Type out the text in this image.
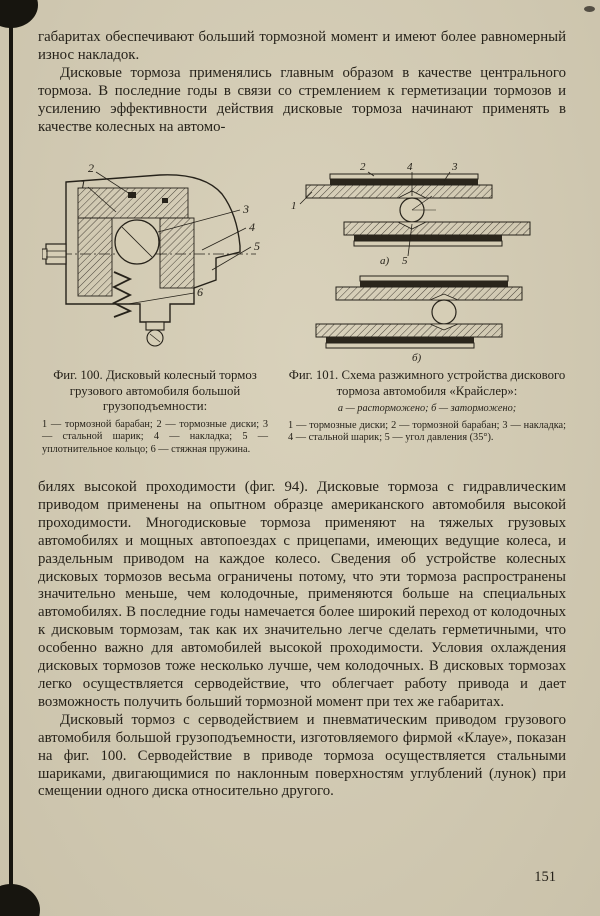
габаритах обеспечивают больший тормозной момент и имеют более равномерный износ накладок.

Дисковые тормоза применялись главным образом в качестве центрального тормоза. В последние годы в связи со стремлением к герметизации тормозов и усилению эффективности действия дисковые тормоза начинают применять в качестве колесных на автомо-

2
1
3
4
5
6
2	4	3
1
5
а)
б)

Фиг. 100. Дисковый колесный тормоз грузового автомобиля большой грузоподъемности:

1 — тормозной барабан; 2 — тормозные диски; 3 — стальной шарик; 4 — накладка; 5 — уплотнительное кольцо; 6 — стяжная пружина.

Фиг. 101. Схема разжимного устройства дискового тормоза автомобиля «Крайслер»:

а — расторможено; б — заторможено;

1 — тормозные диски; 2 — тормозной барабан; 3 — накладка; 4 — стальной шарик; 5 — угол давления (35°).

билях высокой проходимости (фиг. 94). Дисковые тормоза с гидравлическим приводом применены на опытном образце американского автомобиля высокой проходимости. Многодисковые тормоза применяют на тяжелых грузовых автомобилях и мощных автопоездах с прицепами, имеющих ведущие колеса, и раздельным приводом на каждое колесо. Сведения об устройстве колесных дисковых тормозов весьма ограничены потому, что эти тормоза распространены значительно меньше, чем колодочные, применяются больше на специальных автомобилях. В последние годы намечается более широкий переход от колодочных к дисковым тормозам, так как их значительно легче сделать герметичными, что особенно важно для автомобилей высокой проходимости. Условия охлаждения дисковых тормозов тоже несколько лучше, чем колодочных. В дисковых тормозах легко осуществляется серводействие, что облегчает работу привода и дает возможность получить больший тормозной момент при тех же габаритах.

Дисковый тормоз с серводействием и пневматическим приводом грузового автомобиля большой грузоподъемности, изготовляемого фирмой «Клауе», показан на фиг. 100. Серводействие в приводе тормоза осуществляется стальными шариками, двигающимися по наклонным поверхностям углублений (лунок) при смещении одного диска относительно другого.

151
